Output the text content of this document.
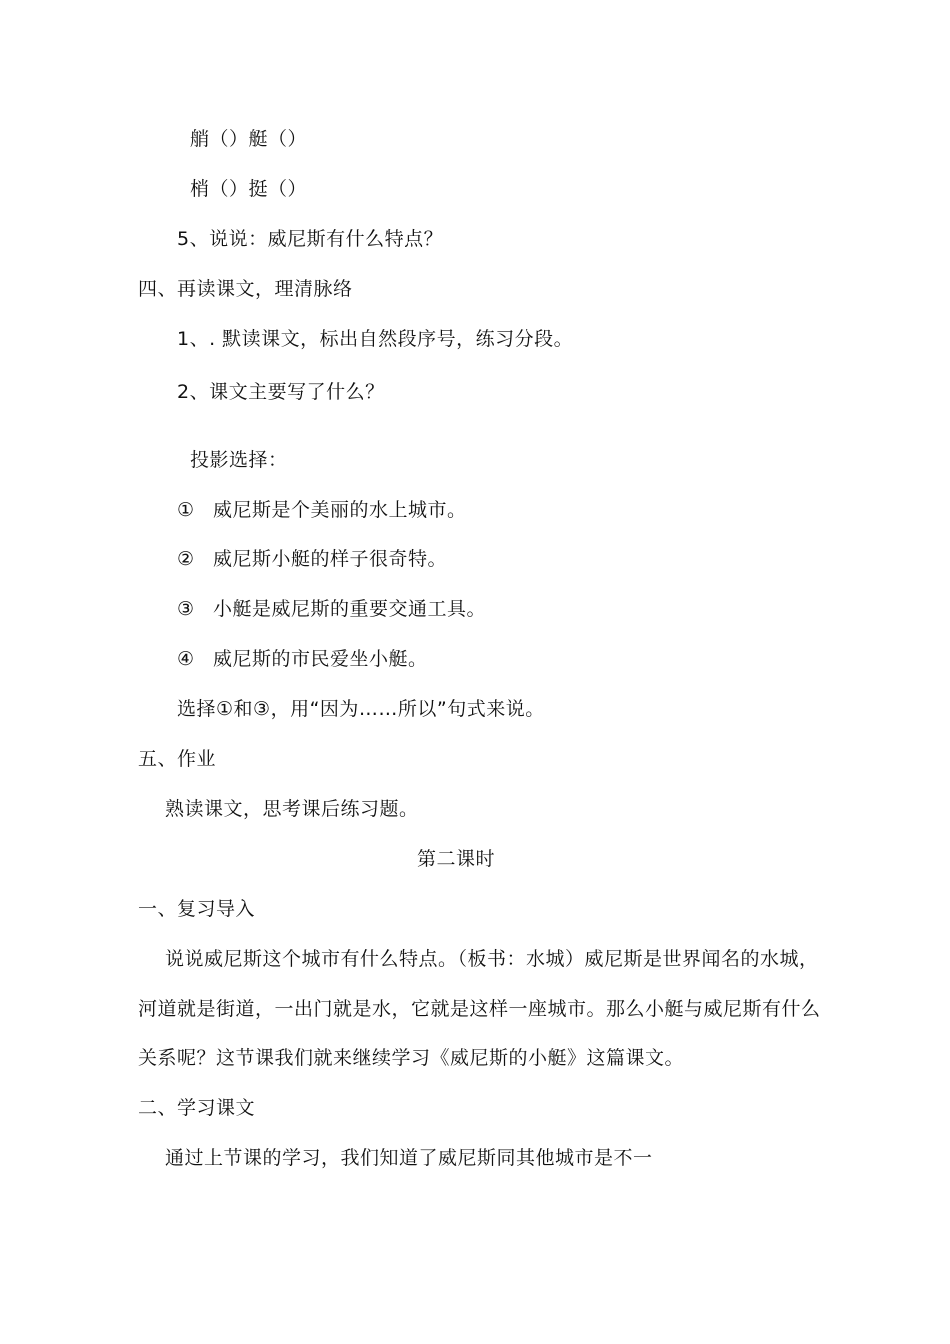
艄（）艇（）
梢（）挺（）
5、说说：威尼斯有什么特点？
四、再读课文，理清脉络
1、. 默读课文，标出自然段序号，练习分段。
2、课文主要写了什么？
投影选择：
① 威尼斯是个美丽的水上城市。
② 威尼斯小艇的样子很奇特。
③ 小艇是威尼斯的重要交通工具。
④ 威尼斯的市民爱坐小艇。
选择①和③，用“因为……所以”句式来说。
五、作业
熟读课文，思考课后练习题。
第二课时
一、复习导入
说说威尼斯这个城市有什么特点。（板书：水城）威尼斯是世界闻名的水城，
河道就是街道，一出门就是水，它就是这样一座城市。那么小艇与威尼斯有什么
关系呢？这节课我们就来继续学习《威尼斯的小艇》这篇课文。
二、学习课文
通过上节课的学习，我们知道了威尼斯同其他城市是不一
